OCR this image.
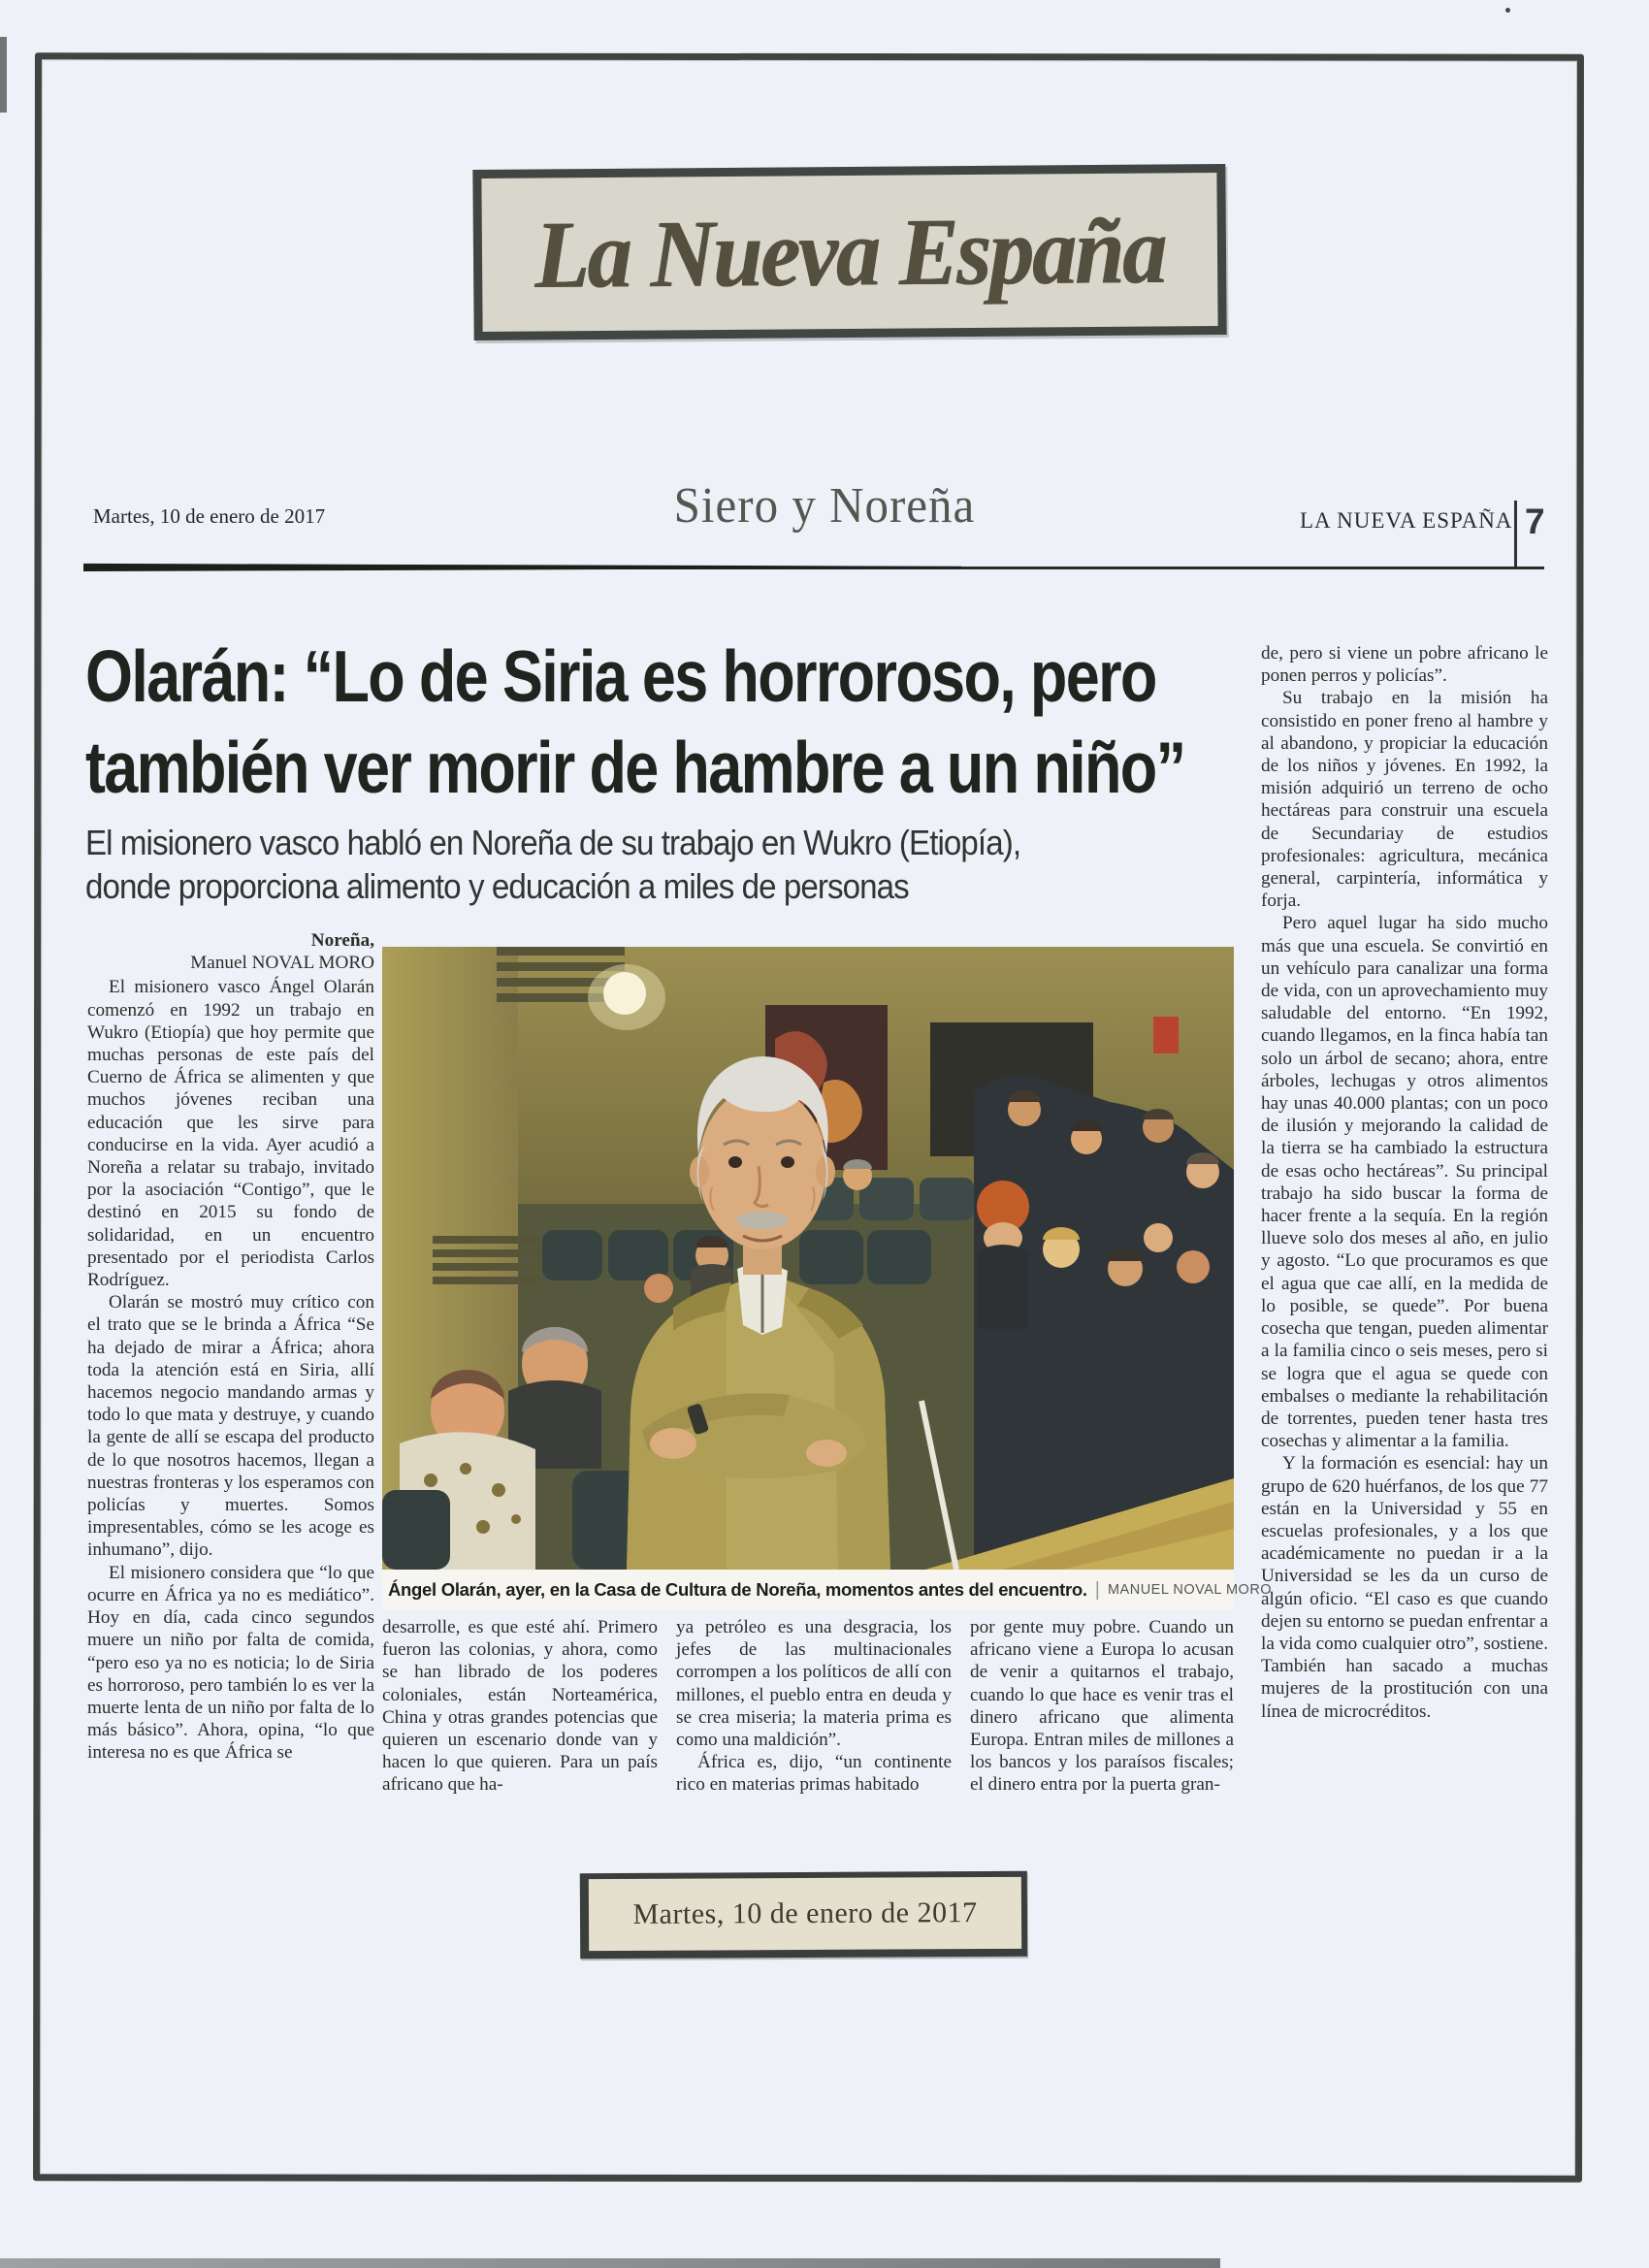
La Nueva España
Martes, 10 de enero de 2017	Siero y Noreña	LA NUEVA ESPAÑA 7
Olarán: “Lo de Siria es horroroso, pero
también ver morir de hambre a un niño”
El misionero vasco habló en Noreña de su trabajo en Wukro (Etiopía),
donde proporciona alimento y educación a miles de personas
Noreña,
Manuel NOVAL MORO

El misionero vasco Ángel Olarán comenzó en 1992 un trabajo en Wukro (Etiopía) que hoy permite que muchas personas de este país del Cuerno de África se alimenten y que muchos jóvenes reciban una educación que les sirve para conducirse en la vida. Ayer acudió a Noreña a relatar su trabajo, invitado por la asociación “Contigo”, que le destinó en 2015 su fondo de solidaridad, en un encuentro presentado por el periodista Carlos Rodríguez.

Olarán se mostró muy crítico con el trato que se le brinda a África “Se ha dejado de mirar a África; ahora toda la atención está en Siria, allí hacemos negocio mandando armas y todo lo que mata y destruye, y cuando la gente de allí se escapa del producto de lo que nosotros hacemos, llegan a nuestras fronteras y los esperamos con policías y muertes. Somos impresentables, cómo se les acoge es inhumano”, dijo.

El misionero considera que “lo que ocurre en África ya no es mediático”. Hoy en día, cada cinco segundos muere un niño por falta de comida, “pero eso ya no es noticia; lo de Siria es horroroso, pero también lo es ver la muerte lenta de un niño por falta de lo más básico”. Ahora, opina, “lo que interesa no es que África se

Ángel Olarán, ayer, en la Casa de Cultura de Noreña, momentos antes del encuentro. | MANUEL NOVAL MORO

desarrolle, es que esté ahí. Primero fueron las colonias, y ahora, como se han librado de los poderes coloniales, están Norteamérica, China y otras grandes potencias que quieren un escenario donde van y hacen lo que quieren. Para un país africano que ha-

ya petróleo es una desgracia, los jefes de las multinacionales corrompen a los políticos de allí con millones, el pueblo entra en deuda y se crea miseria; la materia prima es como una maldición”.

África es, dijo, “un continente rico en materias primas habitado

por gente muy pobre. Cuando un africano viene a Europa lo acusan de venir a quitarnos el trabajo, cuando lo que hace es venir tras el dinero africano que alimenta Europa. Entran miles de millones a los bancos y los paraísos fiscales; el dinero entra por la puerta gran-

de, pero si viene un pobre africano le ponen perros y policías”.

Su trabajo en la misión ha consistido en poner freno al hambre y al abandono, y propiciar la educación de los niños y jóvenes. En 1992, la misión adquirió un terreno de ocho hectáreas para construir una escuela de Secundariay de estudios profesionales: agricultura, mecánica general, carpintería, informática y forja.

Pero aquel lugar ha sido mucho más que una escuela. Se convirtió en un vehículo para canalizar una forma de vida, con un aprovechamiento muy saludable del entorno. “En 1992, cuando llegamos, en la finca había tan solo un árbol de secano; ahora, entre árboles, lechugas y otros alimentos hay unas 40.000 plantas; con un poco de ilusión y mejorando la calidad de la tierra se ha cambiado la estructura de esas ocho hectáreas”. Su principal trabajo ha sido buscar la forma de hacer frente a la sequía. En la región llueve solo dos meses al año, en julio y agosto. “Lo que procuramos es que el agua que cae allí, en la medida de lo posible, se quede”. Por buena cosecha que tengan, pueden alimentar a la familia cinco o seis meses, pero si se logra que el agua se quede con embalses o mediante la rehabilitación de torrentes, pueden tener hasta tres cosechas y alimentar a la familia.

Y la formación es esencial: hay un grupo de 620 huérfanos, de los que 77 están en la Universidad y 55 en escuelas profesionales, y a los que académicamente no puedan ir a la Universidad se les da un curso de algún oficio. “El caso es que cuando dejen su entorno se puedan enfrentar a la vida como cualquier otro”, sostiene. También han sacado a muchas mujeres de la prostitución con una línea de microcréditos.

Martes, 10 de enero de 2017
